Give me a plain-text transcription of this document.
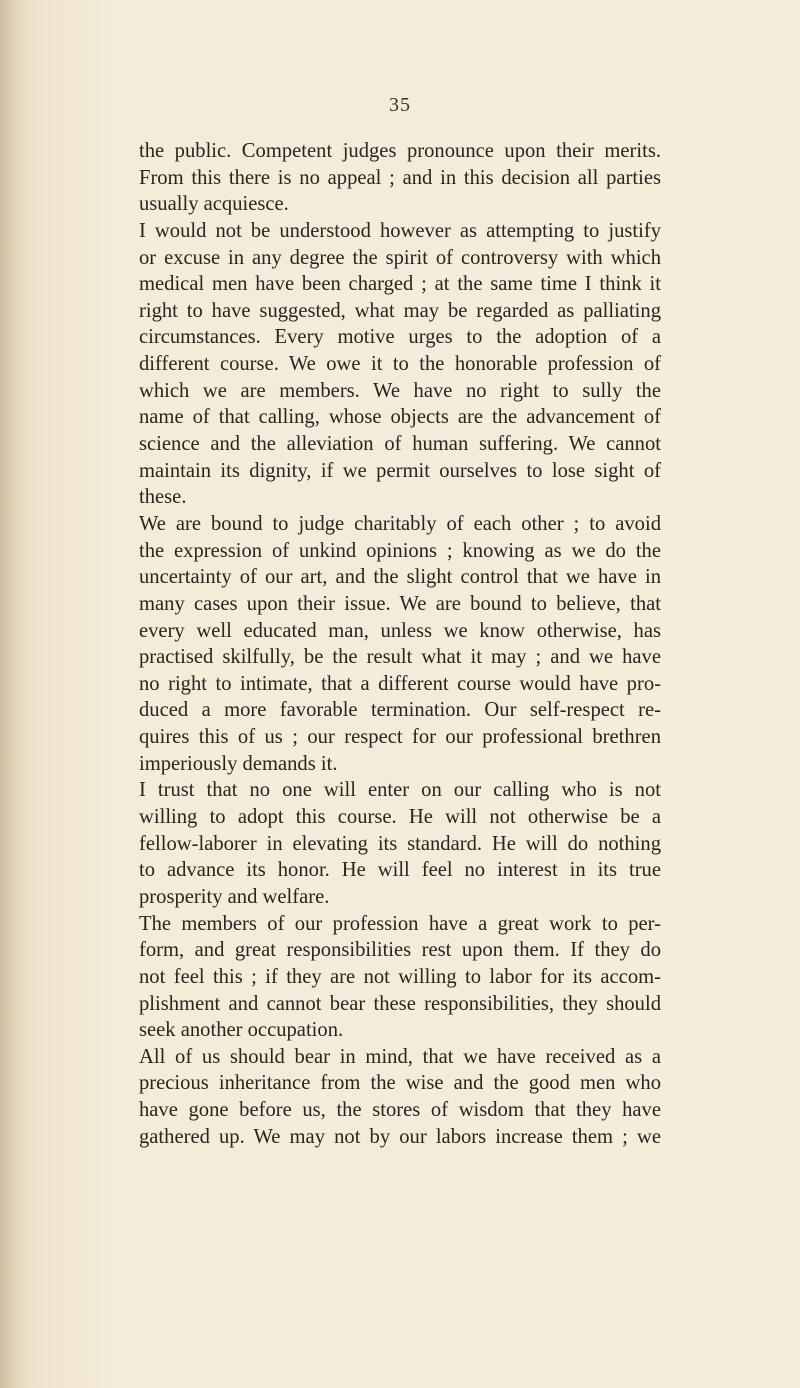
35
the public. Competent judges pronounce upon their merits.
From this there is no appeal ; and in this decision all parties
usually acquiesce.
I would not be understood however as attempting to justify
or excuse in any degree the spirit of controversy with which
medical men have been charged ; at the same time I think it
right to have suggested, what may be regarded as palliating
circumstances. Every motive urges to the adoption of a
different course. We owe it to the honorable profession of
which we are members. We have no right to sully the
name of that calling, whose objects are the advancement of
science and the alleviation of human suffering. We cannot
maintain its dignity, if we permit ourselves to lose sight of
these.
We are bound to judge charitably of each other ; to avoid
the expression of unkind opinions ; knowing as we do the
uncertainty of our art, and the slight control that we have in
many cases upon their issue. We are bound to believe, that
every well educated man, unless we know otherwise, has
practised skilfully, be the result what it may ; and we have
no right to intimate, that a different course would have pro-
duced a more favorable termination. Our self-respect re-
quires this of us ; our respect for our professional brethren
imperiously demands it.
I trust that no one will enter on our calling who is not
willing to adopt this course. He will not otherwise be a
fellow-laborer in elevating its standard. He will do nothing
to advance its honor. He will feel no interest in its true
prosperity and welfare.
The members of our profession have a great work to per-
form, and great responsibilities rest upon them. If they do
not feel this ; if they are not willing to labor for its accom-
plishment and cannot bear these responsibilities, they should
seek another occupation.
All of us should bear in mind, that we have received as a
precious inheritance from the wise and the good men who
have gone before us, the stores of wisdom that they have
gathered up. We may not by our labors increase them ; we
